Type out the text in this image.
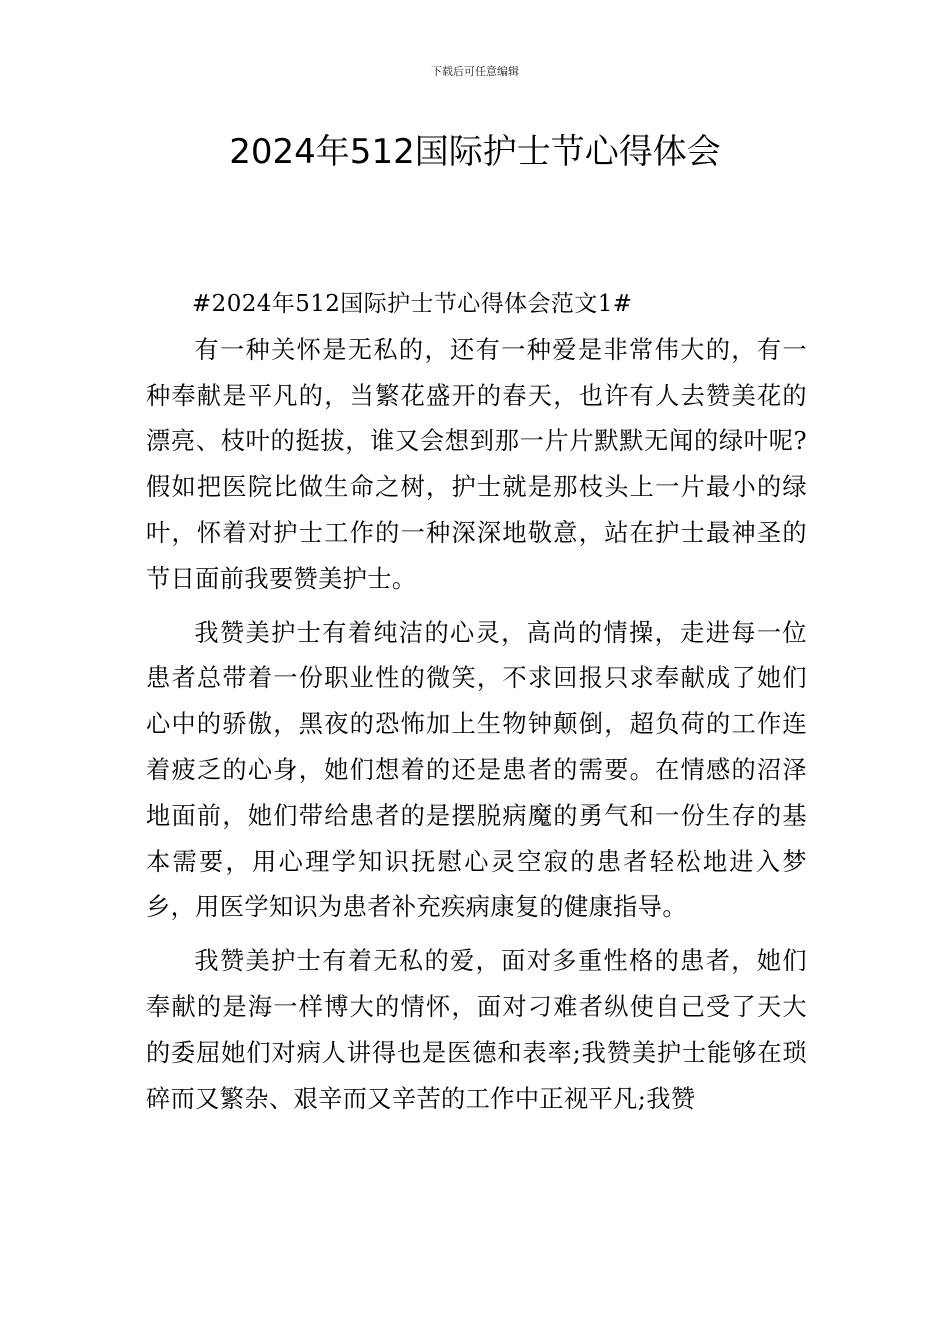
下载后可任意编辑
2024年512国际护士节心得体会

#2024年512国际护士节心得体会范文1#

有一种关怀是无私的，还有一种爱是非常伟大的，有一种奉献是平凡的，当繁花盛开的春天，也许有人去赞美花的漂亮、枝叶的挺拔，谁又会想到那一片片默默无闻的绿叶呢?假如把医院比做生命之树，护士就是那枝头上一片最小的绿叶，怀着对护士工作的一种深深地敬意，站在护士最神圣的节日面前我要赞美护士。

我赞美护士有着纯洁的心灵，高尚的情操，走进每一位患者总带着一份职业性的微笑，不求回报只求奉献成了她们心中的骄傲，黑夜的恐怖加上生物钟颠倒，超负荷的工作连着疲乏的心身，她们想着的还是患者的需要。在情感的沼泽地面前，她们带给患者的是摆脱病魔的勇气和一份生存的基本需要，用心理学知识抚慰心灵空寂的患者轻松地进入梦乡，用医学知识为患者补充疾病康复的健康指导。

我赞美护士有着无私的爱，面对多重性格的患者，她们奉献的是海一样博大的情怀，面对刁难者纵使自己受了天大的委屈她们对病人讲得也是医德和表率;我赞美护士能够在琐碎而又繁杂、艰辛而又辛苦的工作中正视平凡;我赞
